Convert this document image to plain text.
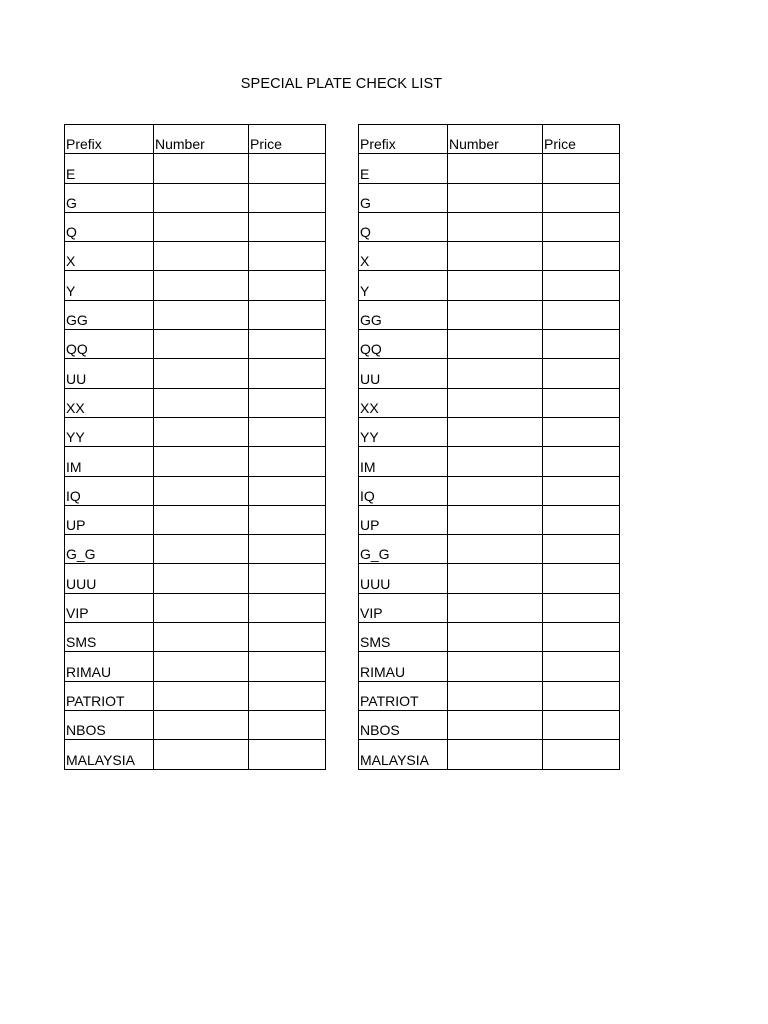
SPECIAL PLATE CHECK LIST
Prefix	Number	Price
E		
G		
Q		
X		
Y		
GG		
QQ		
UU		
XX		
YY		
IM		
IQ		
UP		
G_G		
UUU		
VIP		
SMS		
RIMAU		
PATRIOT		
NBOS		
MALAYSIA		
Prefix	Number	Price
E		
G		
Q		
X		
Y		
GG		
QQ		
UU		
XX		
YY		
IM		
IQ		
UP		
G_G		
UUU		
VIP		
SMS		
RIMAU		
PATRIOT		
NBOS		
MALAYSIA		
